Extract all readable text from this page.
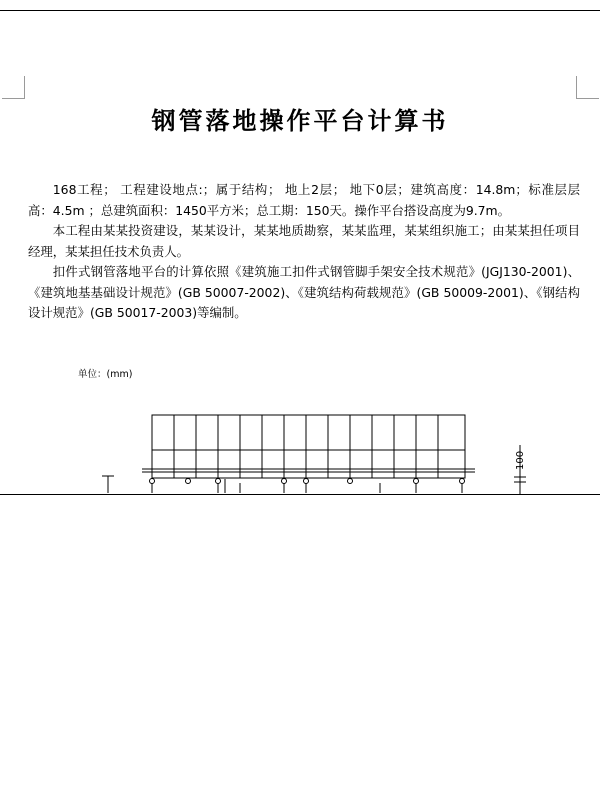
钢管落地操作平台计算书

168工程； 工程建设地点:；属于结构； 地上2层； 地下0层；建筑高度：14.8m；标准层层高：4.5m ；总建筑面积：1450平方米；总工期：150天。操作平台搭设高度为9.7m。

本工程由某某投资建设，某某设计，某某地质勘察，某某监理，某某组织施工；由某某担任项目经理，某某担任技术负责人。

扣件式钢管落地平台的计算依照《建筑施工扣件式钢管脚手架安全技术规范》(JGJ130-2001)、《建筑地基基础设计规范》(GB 50007-2002)、《建筑结构荷载规范》(GB 50009-2001)、《钢结构设计规范》(GB 50017-2003)等编制。

单位：(mm)
100
